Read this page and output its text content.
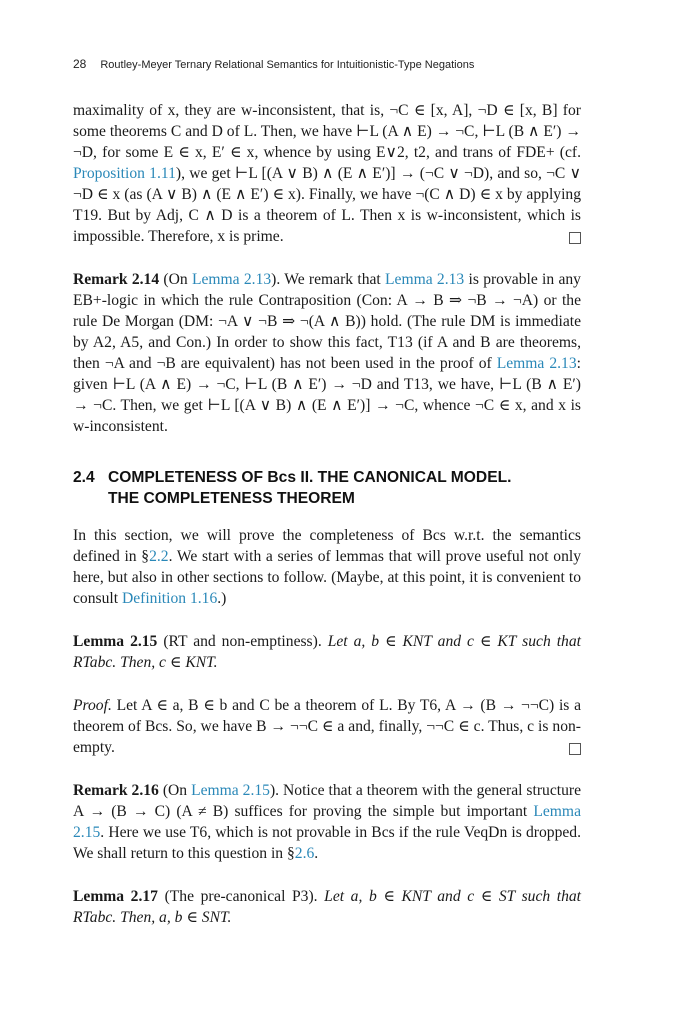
28 Routley-Meyer Ternary Relational Semantics for Intuitionistic-Type Negations

maximality of x, they are w-inconsistent, that is, ¬C ∈ [x, A], ¬D ∈ [x, B] for some theorems C and D of L. Then, we have ⊢L (A ∧ E) → ¬C, ⊢L (B ∧ E′) → ¬D, for some E ∈ x, E′ ∈ x, whence by using E∨2, t2, and trans of FDE+ (cf. Proposition 1.11), we get ⊢L [(A ∨ B) ∧ (E ∧ E′)] → (¬C ∨ ¬D), and so, ¬C ∨ ¬D ∈ x (as (A ∨ B) ∧ (E ∧ E′) ∈ x). Finally, we have ¬(C ∧ D) ∈ x by applying T19. But by Adj, C ∧ D is a theorem of L. Then x is w-inconsistent, which is impossible. Therefore, x is prime.

Remark 2.14 (On Lemma 2.13). We remark that Lemma 2.13 is provable in any EB+-logic in which the rule Contraposition (Con: A → B ⇒ ¬B → ¬A) or the rule De Morgan (DM: ¬A ∨ ¬B ⇒ ¬(A ∧ B)) hold. (The rule DM is immediate by A2, A5, and Con.) In order to show this fact, T13 (if A and B are theorems, then ¬A and ¬B are equivalent) has not been used in the proof of Lemma 2.13: given ⊢L (A ∧ E) → ¬C, ⊢L (B ∧ E′) → ¬D and T13, we have, ⊢L (B ∧ E′) → ¬C. Then, we get ⊢L [(A ∨ B) ∧ (E ∧ E′)] → ¬C, whence ¬C ∈ x, and x is w-inconsistent.

2.4 COMPLETENESS OF Bcs II. THE CANONICAL MODEL.
THE COMPLETENESS THEOREM

In this section, we will prove the completeness of Bcs w.r.t. the semantics defined in §2.2. We start with a series of lemmas that will prove useful not only here, but also in other sections to follow. (Maybe, at this point, it is convenient to consult Definition 1.16.)

Lemma 2.15 (RT and non-emptiness). Let a, b ∈ KNT and c ∈ KT such that RTabc. Then, c ∈ KNT.

Proof. Let A ∈ a, B ∈ b and C be a theorem of L. By T6, A → (B → ¬¬C) is a theorem of Bcs. So, we have B → ¬¬C ∈ a and, finally, ¬¬C ∈ c. Thus, c is non-empty.

Remark 2.16 (On Lemma 2.15). Notice that a theorem with the general structure A → (B → C) (A ≠ B) suffices for proving the simple but important Lemma 2.15. Here we use T6, which is not provable in Bcs if the rule VeqDn is dropped. We shall return to this question in §2.6.

Lemma 2.17 (The pre-canonical P3). Let a, b ∈ KNT and c ∈ ST such that RTabc. Then, a, b ∈ SNT.
